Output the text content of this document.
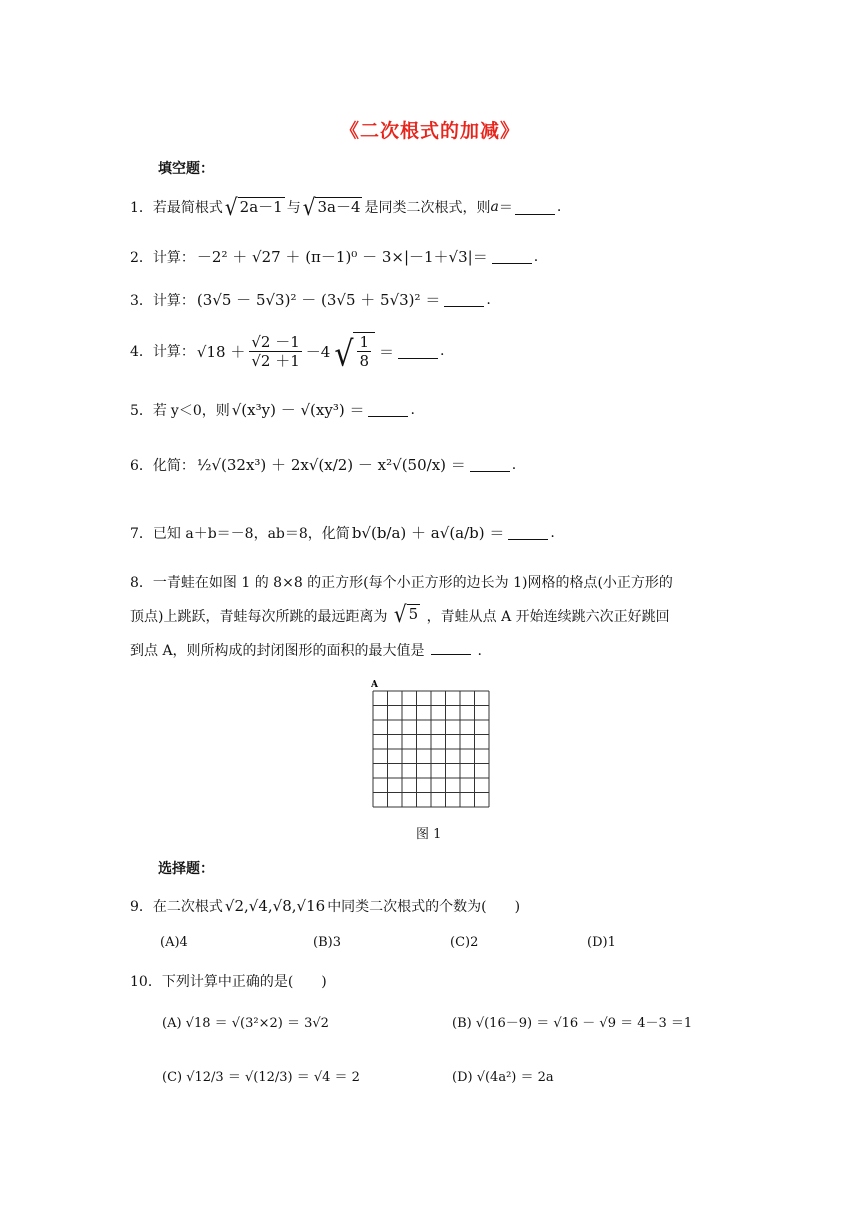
《二次根式的加减》
填空题：
1． 若最简根式 √ 2a－1 与 √ 3a－4 是同类二次根式，则 a ＝	.
2． 计算： －2² ＋ √27 ＋ (π－1)⁰ － 3×|－1＋√3|＝	.
3． 计算： (3√5 － 5√3)² － (3√5 ＋ 5√3)² ＝	.
4． 计算： $√18 + \frac{√2 -1}{√2 +1} -4$ √ $\frac{1}{8}$ ＝	.
5． 若 y＜0，则 √(x³y) － √(xy³) ＝	.
6． 化简： ½√(32x³) ＋ 2x√(x/2) － x²√(50/x) ＝	.
7． 已知 a＋b＝－8，ab＝8，化简 b√(b/a) ＋ a√(a/b) ＝	.
8．一青蛙在如图 1 的 8×8 的正方形(每个小正方形的边长为 1)网格的格点(小正方形的
顶点)上跳跃，青蛙每次所跳的最远距离为 √ 5 ，青蛙从点 A 开始连续跳六次正好跳回
到点 A，则所构成的封闭图形的面积的最大值是	.
A
图 1
选择题：
9． 在二次根式 √2,√4,√8,√16 中同类二次根式的个数为(　　)
(A)4	(B)3	(C)2	(D)1
10． 下列计算中正确的是(　　)
(A) √18 ＝ √(3²×2) ＝ 3√2	(B) √(16－9) ＝ √16 － √9 ＝ 4－3 ＝1
(C) √12/3 ＝ √(12/3) ＝ √4 ＝ 2	(D) √(4a²) ＝ 2a
